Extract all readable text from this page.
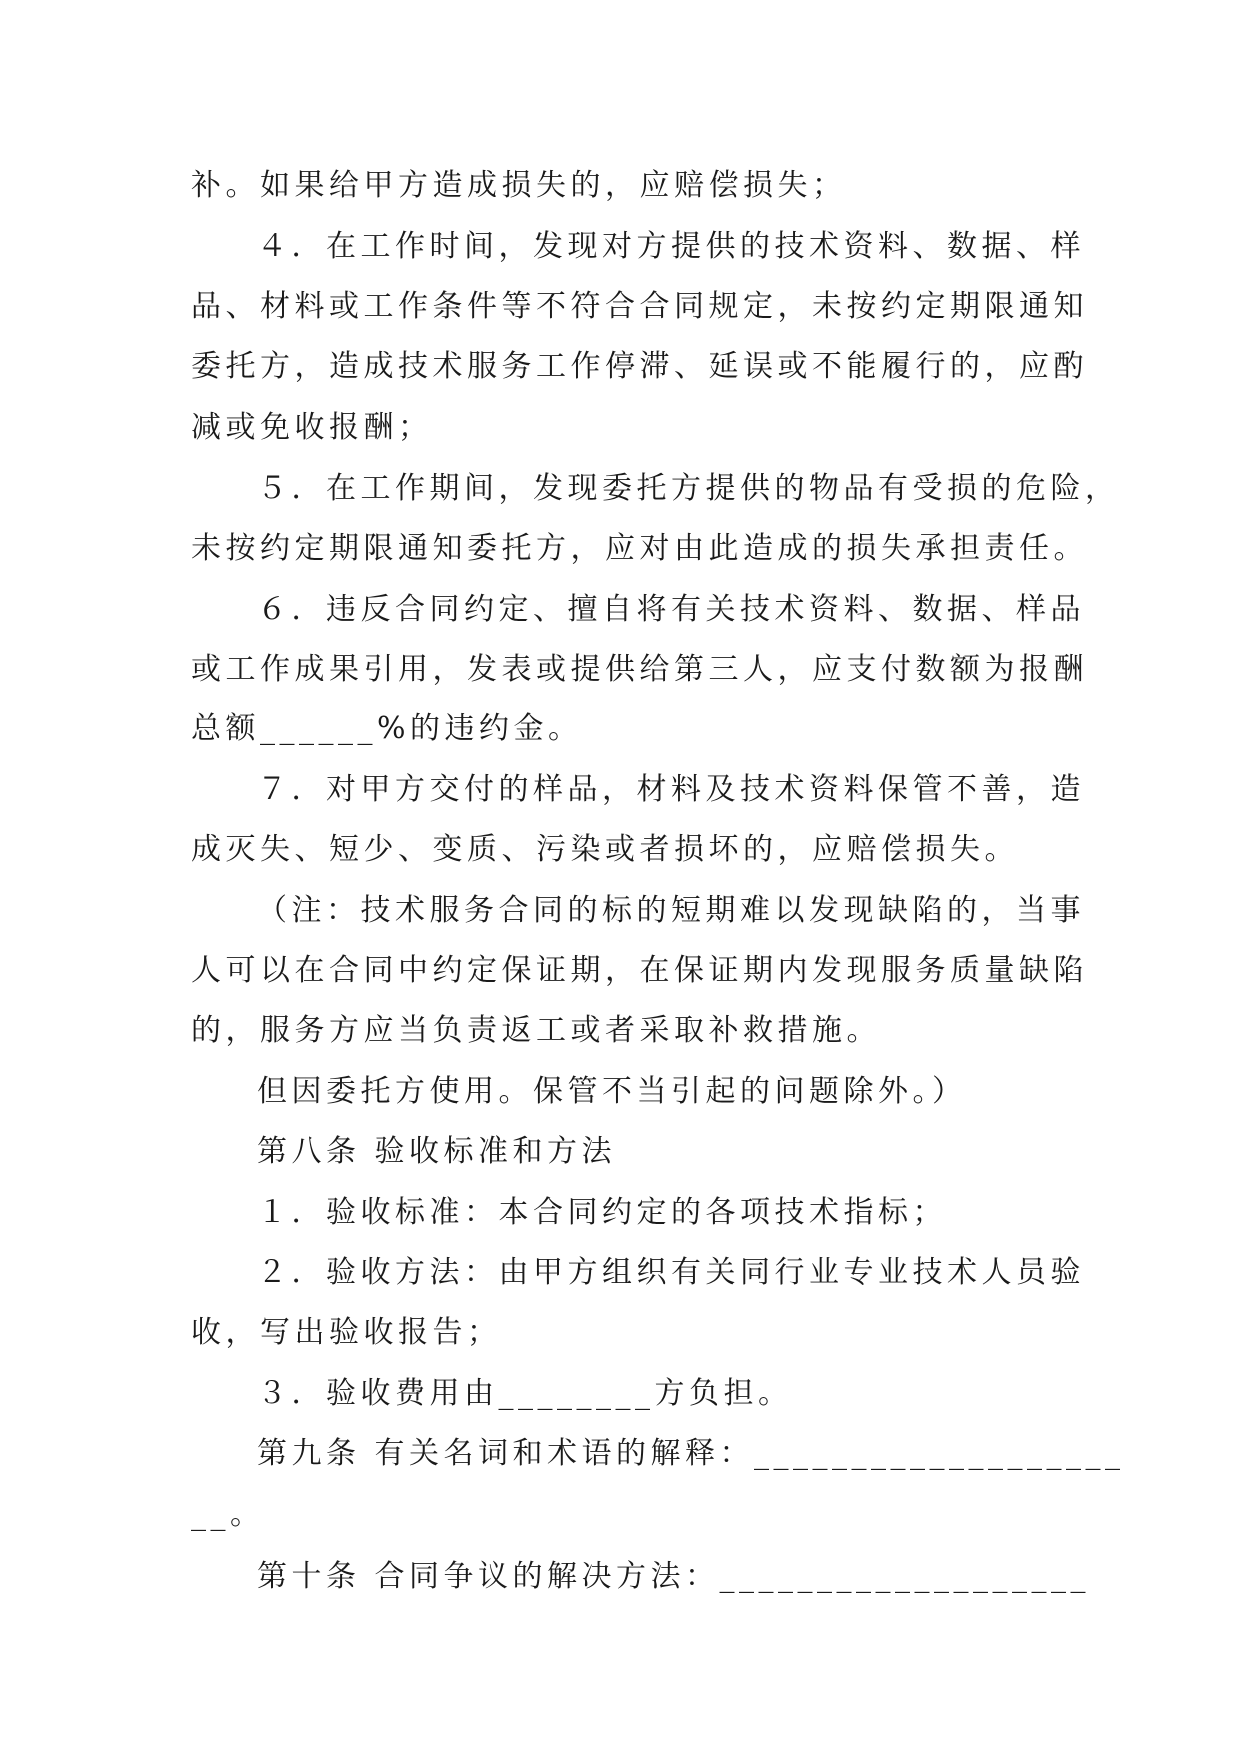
补。如果给甲方造成损失的，应赔偿损失；
４．在工作时间，发现对方提供的技术资料、数据、样
品、材料或工作条件等不符合合同规定，未按约定期限通知
委托方，造成技术服务工作停滞、延误或不能履行的，应酌
减或免收报酬；
５．在工作期间，发现委托方提供的物品有受损的危险，
未按约定期限通知委托方，应对由此造成的损失承担责任。
６．违反合同约定、擅自将有关技术资料、数据、样品
或工作成果引用，发表或提供给第三人，应支付数额为报酬
总额______%的违约金。
７．对甲方交付的样品，材料及技术资料保管不善，造
成灭失、短少、变质、污染或者损坏的，应赔偿损失。
（注：技术服务合同的标的短期难以发现缺陷的，当事
人可以在合同中约定保证期，在保证期内发现服务质量缺陷
的，服务方应当负责返工或者采取补救措施。
但因委托方使用。保管不当引起的问题除外。）
第八条 验收标准和方法
１．验收标准：本合同约定的各项技术指标；
２．验收方法：由甲方组织有关同行业专业技术人员验
收，写出验收报告；
３．验收费用由________方负担。
第九条 有关名词和术语的解释：___________________
__。
第十条 合同争议的解决方法：___________________
